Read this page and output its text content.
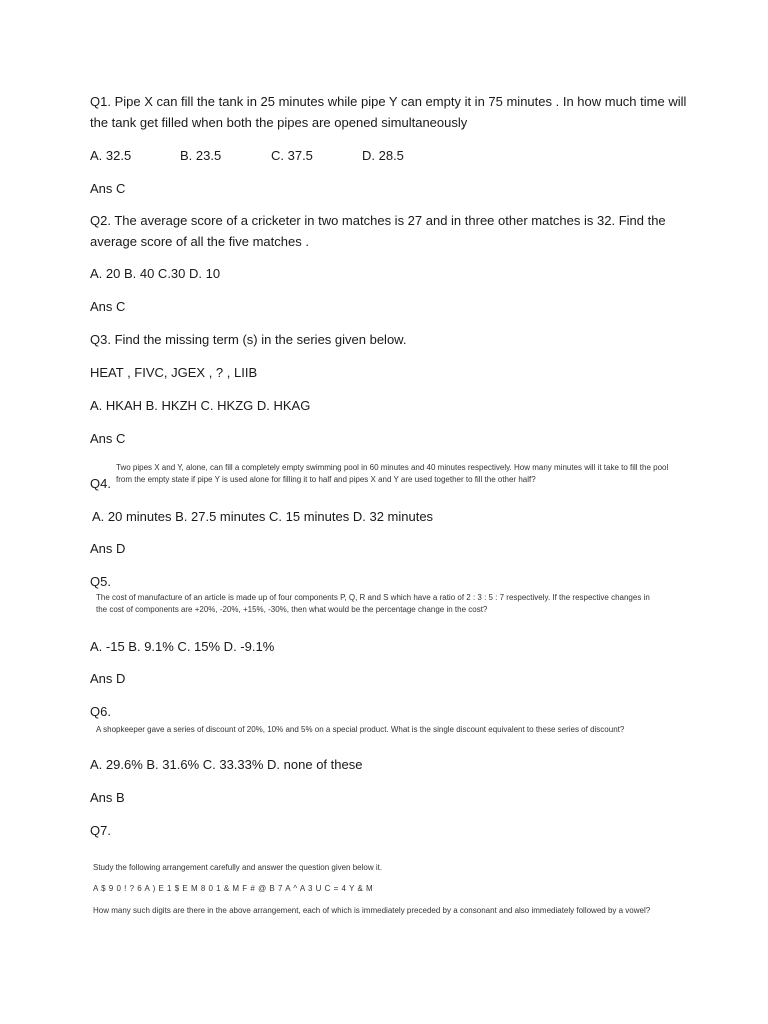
Q1. Pipe X can fill the tank in 25 minutes while pipe Y can empty it in 75 minutes . In how much time will

the tank get filled when both the pipes are opened simultaneously

A. 32.5	B. 23.5	C. 37.5	D. 28.5

Ans C

Q2. The average score of a cricketer in two matches is 27 and in three other matches is 32. Find the

average score of all the five matches .

A. 20 B. 40 C.30 D. 10

Ans C

Q3. Find the missing term (s) in the series given below.

HEAT , FIVC, JGEX , ? , LIIB

A. HKAH B. HKZH C. HKZG D. HKAG

Ans C

Two pipes X and Y, alone, can fill a completely empty swimming pool in 60 minutes and 40 minutes respectively. How many minutes will it take to fill the pool

Q4. from the empty state if pipe Y is used alone for filling it to half and pipes X and Y are used together to fill the other half?

A. 20 minutes B. 27.5 minutes C. 15 minutes D. 32 minutes

Ans D

Q5.

The cost of manufacture of an article is made up of four components P, Q, R and S which have a ratio of 2 : 3 : 5 : 7 respectively. If the respective changes in

the cost of components are +20%, -20%, +15%, -30%, then what would be the percentage change in the cost?

A. -15 B. 9.1% C. 15% D. -9.1%

Ans D

Q6.

A shopkeeper gave a series of discount of 20%, 10% and 5% on a special product. What is the single discount equivalent to these series of discount?

A. 29.6% B. 31.6% C. 33.33% D. none of these

Ans B

Q7.

Study the following arrangement carefully and answer the question given below it.

A $ 9 0 ! ? 6 A ) E 1 $ E M 8 0 1 & M F # @ B 7 A ^ A 3 U C = 4 Y & M

How many such digits are there in the above arrangement, each of which is immediately preceded by a consonant and also immediately followed by a vowel?
